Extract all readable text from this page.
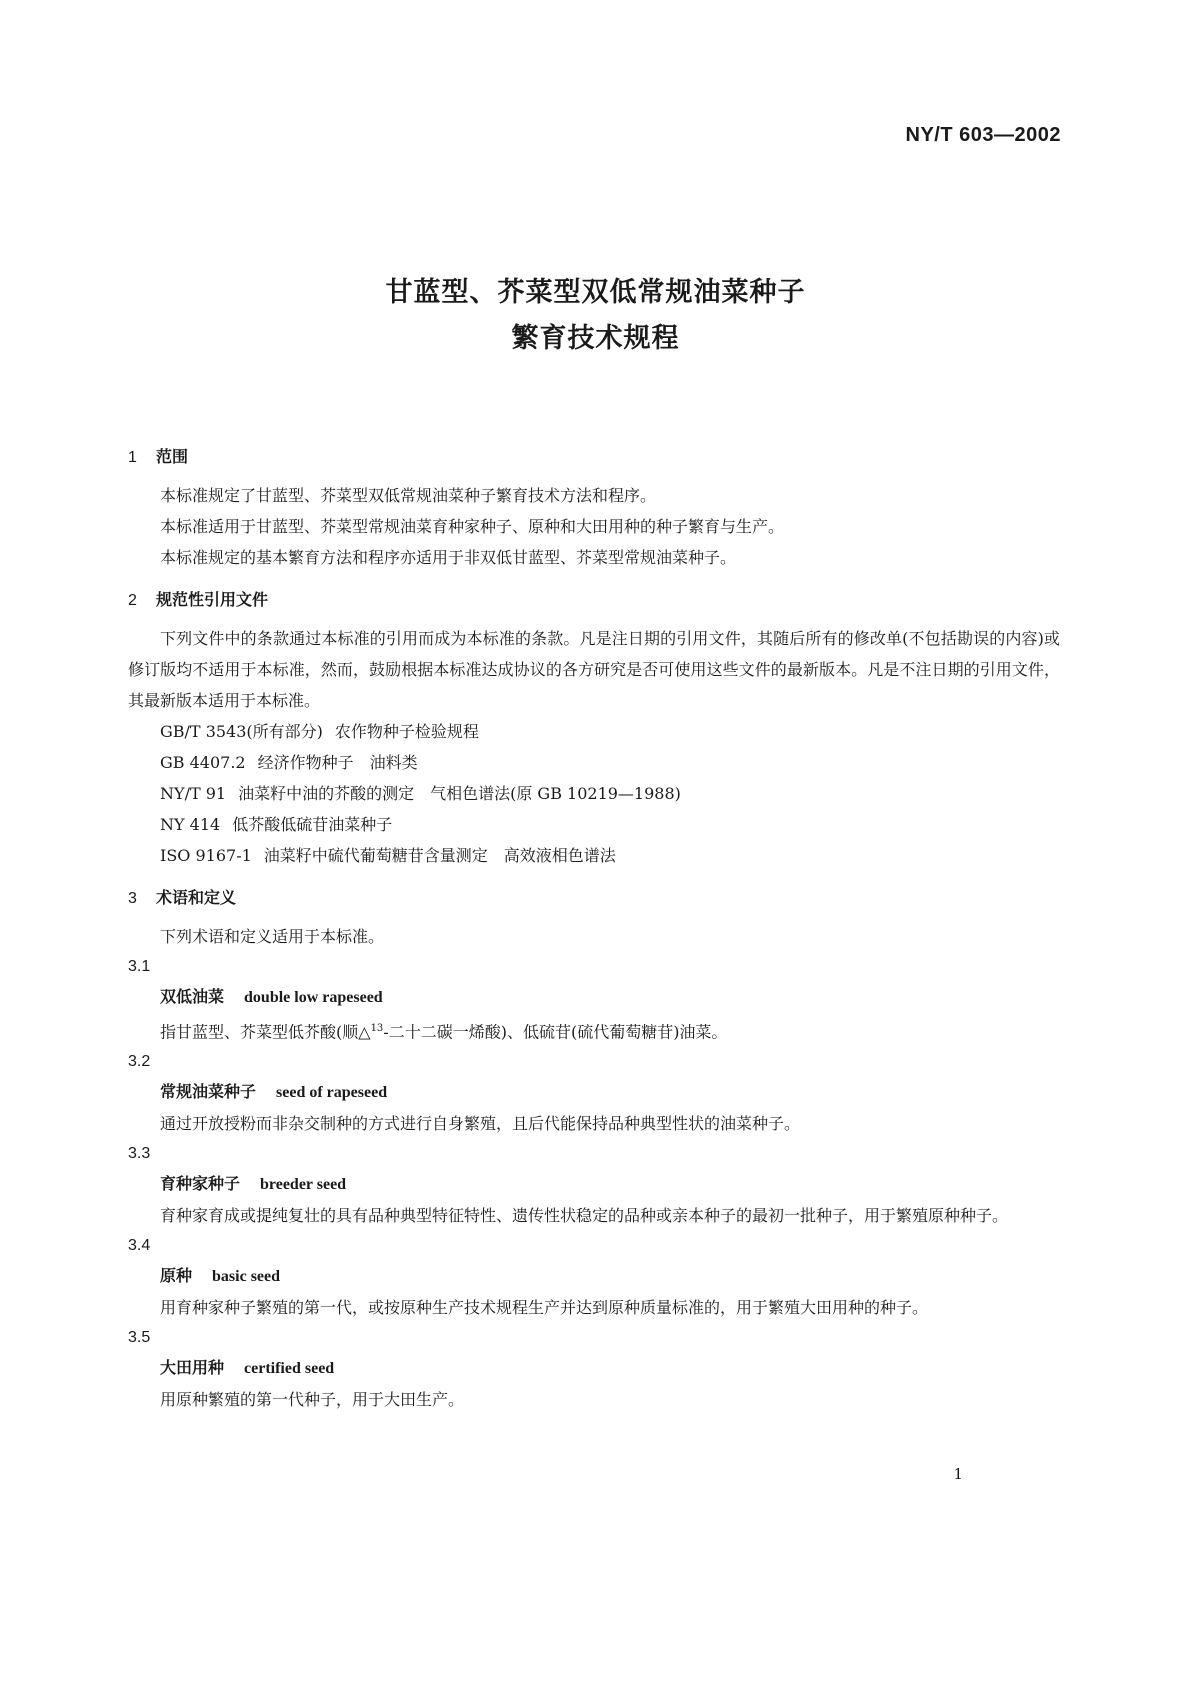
NY/T 603—2002
甘蓝型、芥菜型双低常规油菜种子
繁育技术规程
1 范围

本标准规定了甘蓝型、芥菜型双低常规油菜种子繁育技术方法和程序。

本标准适用于甘蓝型、芥菜型常规油菜育种家种子、原种和大田用种的种子繁育与生产。

本标准规定的基本繁育方法和程序亦适用于非双低甘蓝型、芥菜型常规油菜种子。

2 规范性引用文件

下列文件中的条款通过本标准的引用而成为本标准的条款。凡是注日期的引用文件，其随后所有的修改单(不包括勘误的内容)或修订版均不适用于本标准，然而，鼓励根据本标准达成协议的各方研究是否可使用这些文件的最新版本。凡是不注日期的引用文件，其最新版本适用于本标准。

GB/T 3543(所有部分) 农作物种子检验规程

GB 4407.2 经济作物种子　油料类

NY/T 91 油菜籽中油的芥酸的测定　气相色谱法(原 GB 10219—1988)

NY 414 低芥酸低硫苷油菜种子

ISO 9167-1 油菜籽中硫代葡萄糖苷含量测定　高效液相色谱法

3 术语和定义

下列术语和定义适用于本标准。

3.1

双低油菜 double low rapeseed

指甘蓝型、芥菜型低芥酸(顺△$^{13}$-二十二碳一烯酸)、低硫苷(硫代葡萄糖苷)油菜。

3.2

常规油菜种子 seed of rapeseed

通过开放授粉而非杂交制种的方式进行自身繁殖，且后代能保持品种典型性状的油菜种子。

3.3

育种家种子 breeder seed

育种家育成或提纯复壮的具有品种典型特征特性、遗传性状稳定的品种或亲本种子的最初一批种子，用于繁殖原种种子。

3.4

原种 basic seed

用育种家种子繁殖的第一代，或按原种生产技术规程生产并达到原种质量标准的，用于繁殖大田用种的种子。

3.5

大田用种 certified seed

用原种繁殖的第一代种子，用于大田生产。

1
